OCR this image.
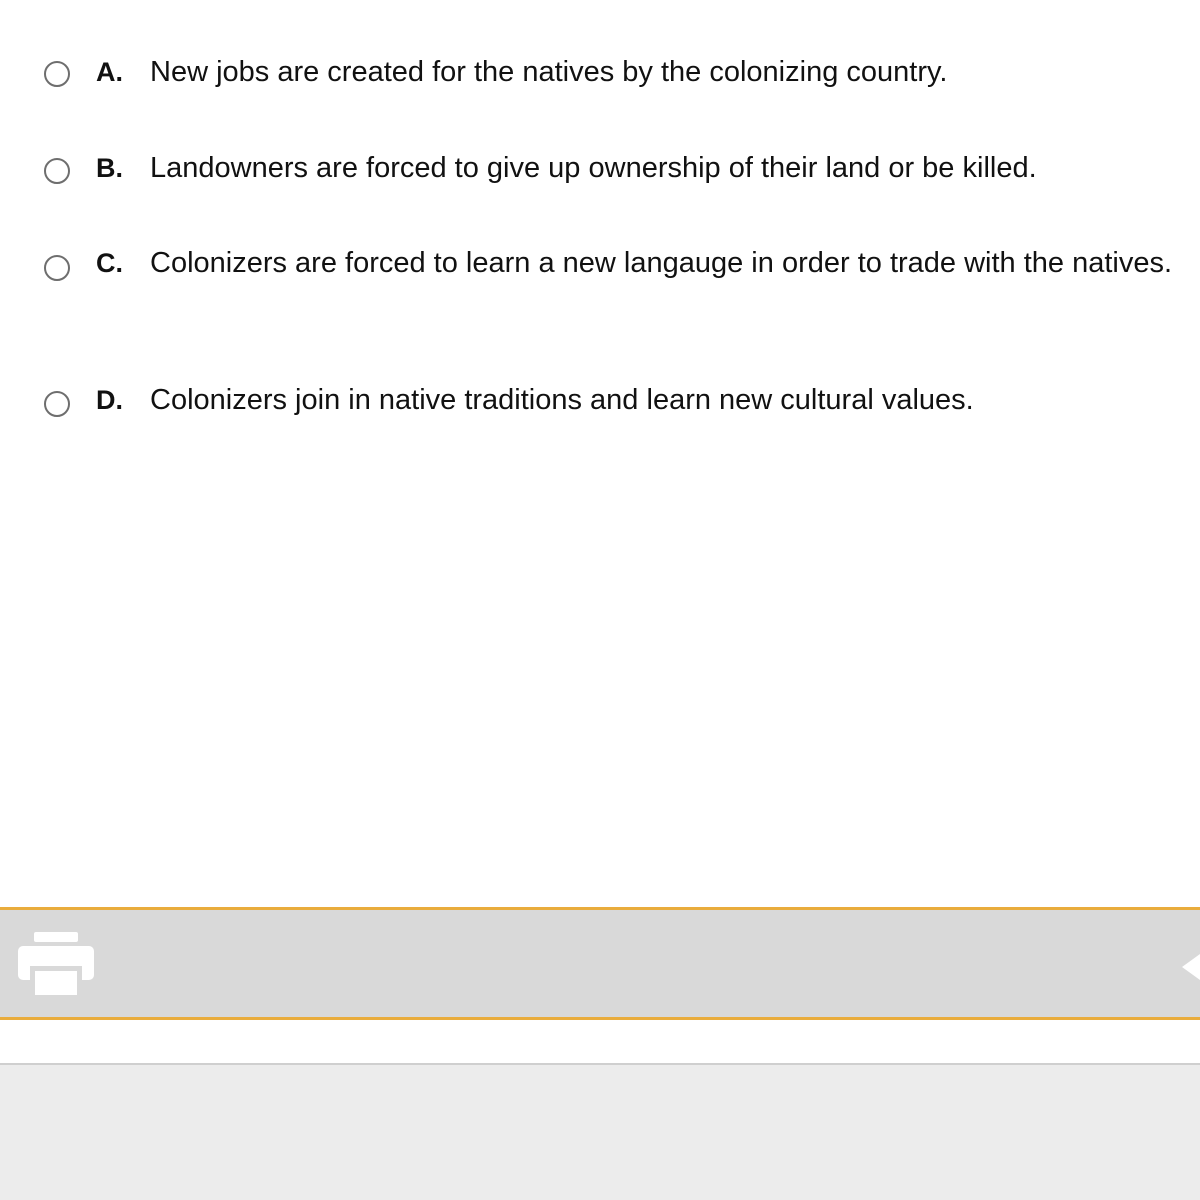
A. New jobs are created for the natives by the colonizing country.
B. Landowners are forced to give up ownership of their land or be killed.
C. Colonizers are forced to learn a new langauge in order to trade with the natives.
D. Colonizers join in native traditions and learn new cultural values.
